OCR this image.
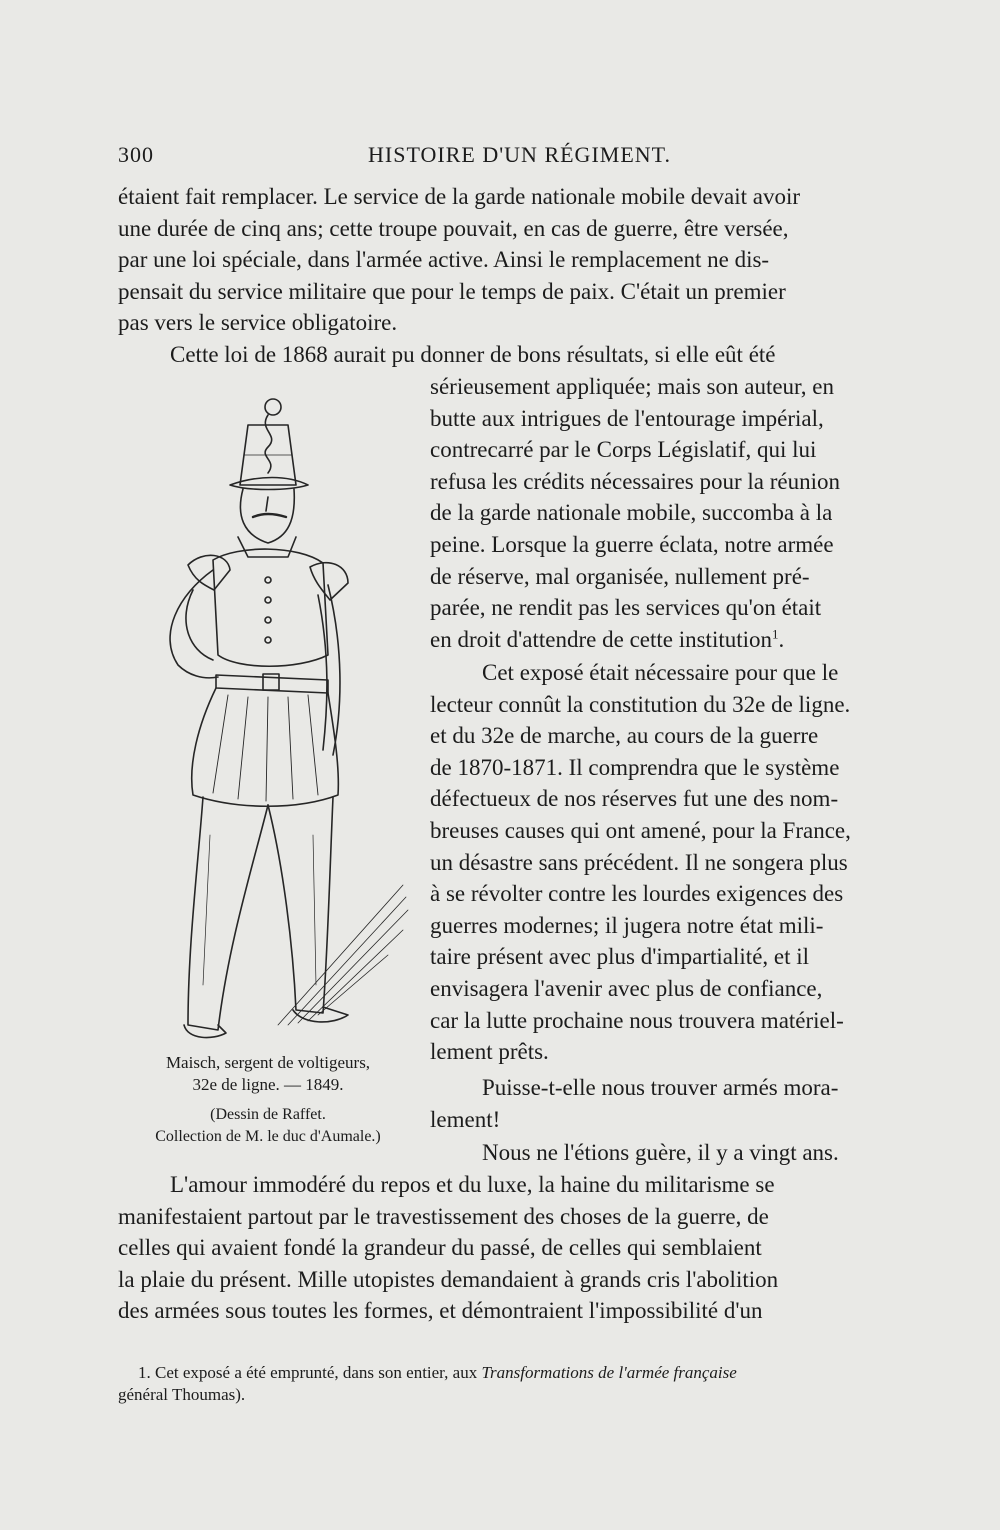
300	HISTOIRE D'UN RÉGIMENT.
étaient fait remplacer. Le service de la garde nationale mobile devait avoir
une durée de cinq ans; cette troupe pouvait, en cas de guerre, être versée,
par une loi spéciale, dans l'armée active. Ainsi le remplacement ne dis-
pensait du service militaire que pour le temps de paix. C'était un premier
pas vers le service obligatoire.
Cette loi de 1868 aurait pu donner de bons résultats, si elle eût été
sérieusement appliquée; mais son auteur, en
butte aux intrigues de l'entourage impérial,
contrecarré par le Corps Législatif, qui lui
refusa les crédits nécessaires pour la réunion
de la garde nationale mobile, succomba à la
peine. Lorsque la guerre éclata, notre armée
de réserve, mal organisée, nullement pré-
parée, ne rendit pas les services qu'on était
en droit d'attendre de cette institution$^1$.
Cet exposé était nécessaire pour que le
lecteur connût la constitution du 32e de ligne.
et du 32e de marche, au cours de la guerre
de 1870-1871. Il comprendra que le système
défectueux de nos réserves fut une des nom-
breuses causes qui ont amené, pour la France,
un désastre sans précédent. Il ne songera plus
à se révolter contre les lourdes exigences des
guerres modernes; il jugera notre état mili-
taire présent avec plus d'impartialité, et il
envisagera l'avenir avec plus de confiance,
car la lutte prochaine nous trouvera matériel-
lement prêts.
Puisse-t-elle nous trouver armés mora-
lement!
Nous ne l'étions guère, il y a vingt ans.
L'amour immodéré du repos et du luxe, la haine du militarisme se
manifestaient partout par le travestissement des choses de la guerre, de
celles qui avaient fondé la grandeur du passé, de celles qui semblaient
la plaie du présent. Mille utopistes demandaient à grands cris l'abolition
des armées sous toutes les formes, et démontraient l'impossibilité d'un
Maisch, sergent de voltigeurs,
32e de ligne. — 1849.
(Dessin de Raffet.
Collection de M. le duc d'Aumale.)
1. Cet exposé a été emprunté, dans son entier, aux Transformations de l'armée française
général Thoumas).
